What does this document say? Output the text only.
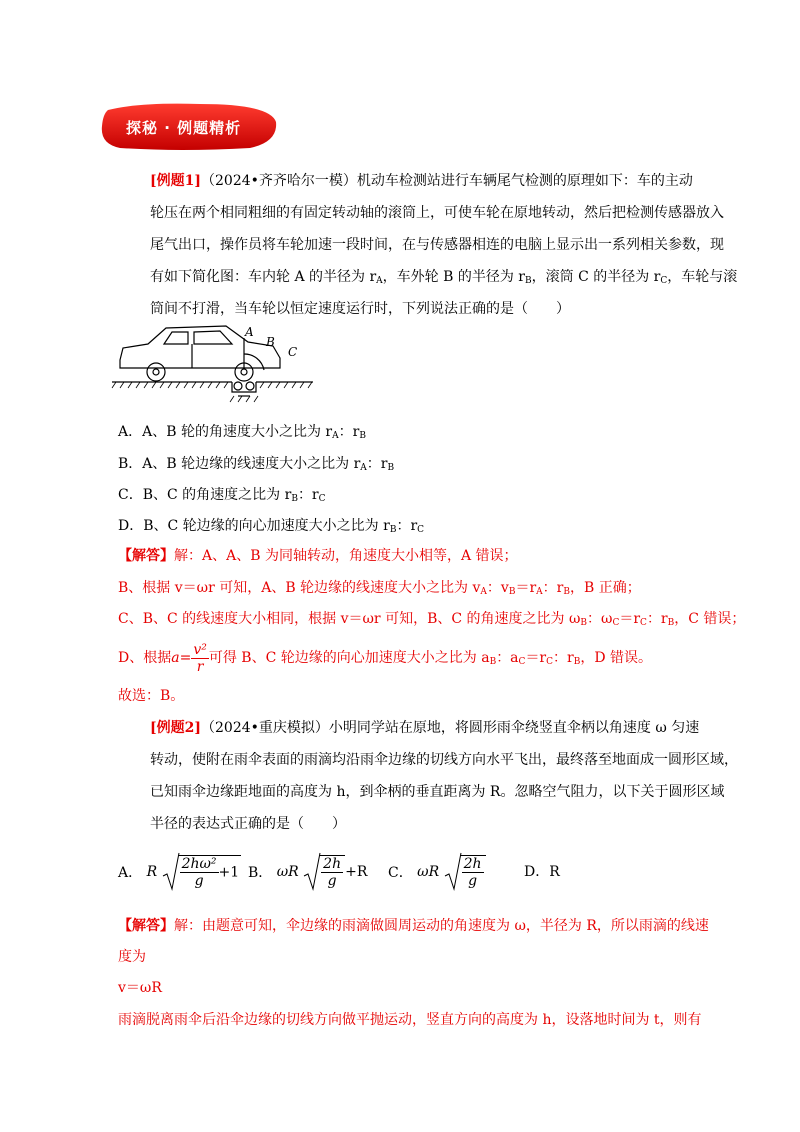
探秘 · 例题精析
[例题1]（2024•齐齐哈尔一模）机动车检测站进行车辆尾气检测的原理如下：车的主动
轮压在两个相同粗细的有固定转动轴的滚筒上，可使车轮在原地转动，然后把检测传感器放入
尾气出口，操作员将车轮加速一段时间，在与传感器相连的电脑上显示出一系列相关参数，现
有如下简化图：车内轮 A 的半径为 $r_A$，车外轮 B 的半径为 $r_B$，滚筒 C 的半径为 $r_C$，车轮与滚
筒间不打滑，当车轮以恒定速度运行时，下列说法正确的是（　　）
A
B
C
A．A、B 轮的角速度大小之比为 $r_A$：$r_B$
B．A、B 轮边缘的线速度大小之比为 $r_A$：$r_B$
C．B、C 的角速度之比为 $r_B$：$r_C$
D．B、C 轮边缘的向心加速度大小之比为 $r_B$：$r_C$
【解答】解：A、A、B 为同轴转动，角速度大小相等，A 错误；
B、根据 v＝ωr 可知，A、B 轮边缘的线速度大小之比为 $v_A$：$v_B=r_A$：$r_B$，B 正确；
C、B、C 的线速度大小相同，根据 v＝ωr 可知，B、C 的角速度之比为 $\omega_B$：$\omega_C=r_C$：$r_B$，C 错误；
D、根据$a= \frac{\text{v²}}{r}$ 可得 B、C 轮边缘的向心加速度大小之比为 $a_B$：$a_C=r_C$：$r_B$，D 错误。
故选：B。
[例题2]（2024•重庆模拟）小明同学站在原地，将圆形雨伞绕竖直伞柄以角速度 ω 匀速
转动，使附在雨伞表面的雨滴均沿雨伞边缘的切线方向水平飞出，最终落至地面成一圆形区域，
已知雨伞边缘距地面的高度为 h，到伞柄的垂直距离为 R。忽略空气阻力，以下关于圆形区域
半径的表达式正确的是（　　）
A． R $\frac{\text{2hω²}}{g} +1$ B． ωR $\frac{2h}{g} +R$ C． ωR $\frac{2h}{g}$	D．R
【解答】解：由题意可知，伞边缘的雨滴做圆周运动的角速度为 ω，半径为 R，所以雨滴的线速
度为
v＝ωR
雨滴脱离雨伞后沿伞边缘的切线方向做平抛运动，竖直方向的高度为 h，设落地时间为 t，则有
